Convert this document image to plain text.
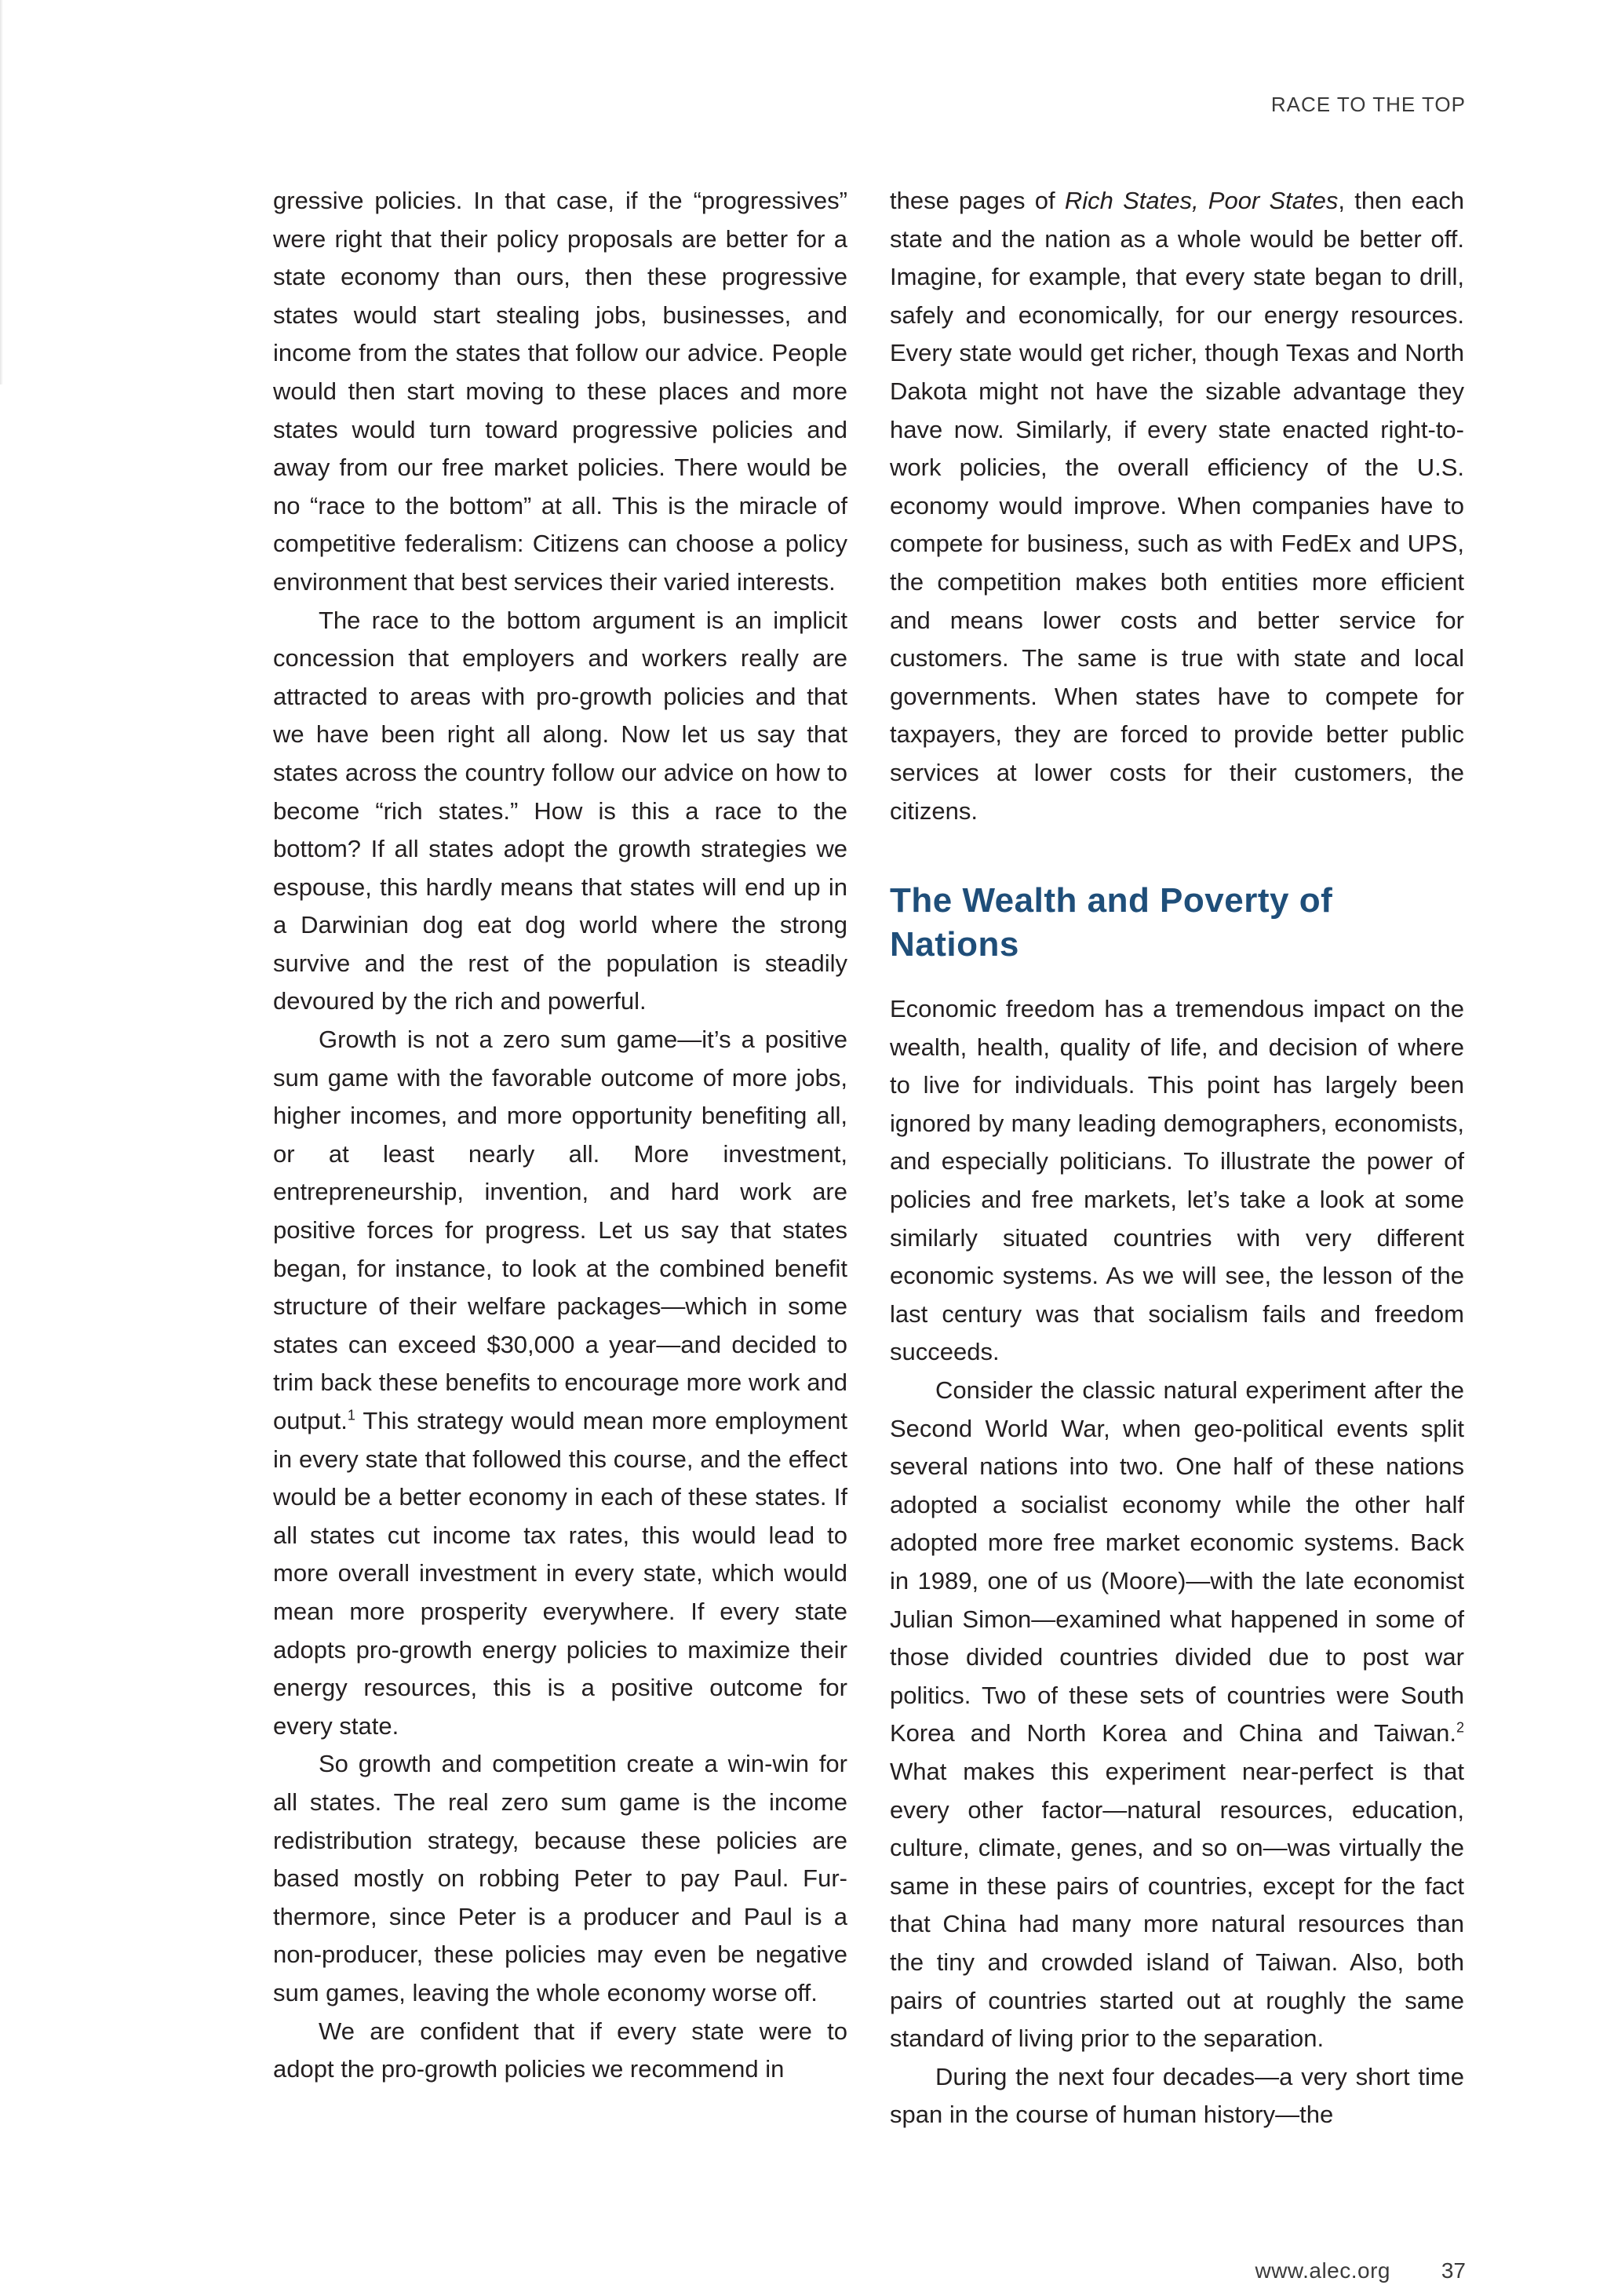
RACE TO THE TOP

gressive policies. In that case, if the “progressives” were right that their policy proposals are better for a state economy than ours, then these progressive states would start stealing jobs, businesses, and income from the states that follow our advice. People would then start moving to these places and more states would turn toward progressive policies and away from our free market policies. There would be no “race to the bottom” at all. This is the miracle of competitive federalism: Citizens can choose a policy environment that best services their varied interests.

The race to the bottom argument is an implicit concession that employers and workers really are attracted to areas with pro-growth policies and that we have been right all along. Now let us say that states across the country follow our advice on how to become “rich states.” How is this a race to the bottom? If all states adopt the growth strategies we espouse, this hardly means that states will end up in a Darwinian dog eat dog world where the strong survive and the rest of the population is steadily devoured by the rich and powerful.

Growth is not a zero sum game—it’s a positive sum game with the favorable outcome of more jobs, higher incomes, and more opportunity benefiting all, or at least nearly all. More investment, entrepreneurship, invention, and hard work are positive forces for progress. Let us say that states began, for instance, to look at the combined benefit structure of their welfare packages—which in some states can exceed $30,000 a year—and decided to trim back these benefits to encourage more work and output.$^1$ This strategy would mean more employment in every state that followed this course, and the effect would be a better economy in each of these states. If all states cut income tax rates, this would lead to more overall investment in every state, which would mean more prosperity everywhere. If every state adopts pro-growth energy policies to maximize their energy resources, this is a positive outcome for every state.

So growth and competition create a win-win for all states. The real zero sum game is the income redistribution strategy, because these policies are based mostly on robbing Peter to pay Paul. Furthermore, since Peter is a producer and Paul is a non-producer, these policies may even be negative sum games, leaving the whole economy worse off.

We are confident that if every state were to adopt the pro-growth policies we recommend in

these pages of Rich States, Poor States, then each state and the nation as a whole would be better off. Imagine, for example, that every state began to drill, safely and economically, for our energy resources. Every state would get richer, though Texas and North Dakota might not have the sizable advantage they have now. Similarly, if every state enacted right-to-work policies, the overall efficiency of the U.S. economy would improve. When companies have to compete for business, such as with FedEx and UPS, the competition makes both entities more efficient and means lower costs and better service for customers. The same is true with state and local governments. When states have to compete for taxpayers, they are forced to provide better public services at lower costs for their customers, the citizens.

The Wealth and Poverty of Nations

Economic freedom has a tremendous impact on the wealth, health, quality of life, and decision of where to live for individuals. This point has largely been ignored by many leading demographers, economists, and especially politicians. To illustrate the power of policies and free markets, let’s take a look at some similarly situated countries with very different economic systems. As we will see, the lesson of the last century was that socialism fails and freedom succeeds.

Consider the classic natural experiment after the Second World War, when geo-political events split several nations into two. One half of these nations adopted a socialist economy while the other half adopted more free market economic systems. Back in 1989, one of us (Moore)—with the late economist Julian Simon—examined what happened in some of those divided countries divided due to post war politics. Two of these sets of countries were South Korea and North Korea and China and Taiwan.$^2$ What makes this experiment near-perfect is that every other factor—natural resources, education, culture, climate, genes, and so on—was virtually the same in these pairs of countries, except for the fact that China had many more natural resources than the tiny and crowded island of Taiwan. Also, both pairs of countries started out at roughly the same standard of living prior to the separation.

During the next four decades—a very short time span in the course of human history—the

www.alec.org 37
